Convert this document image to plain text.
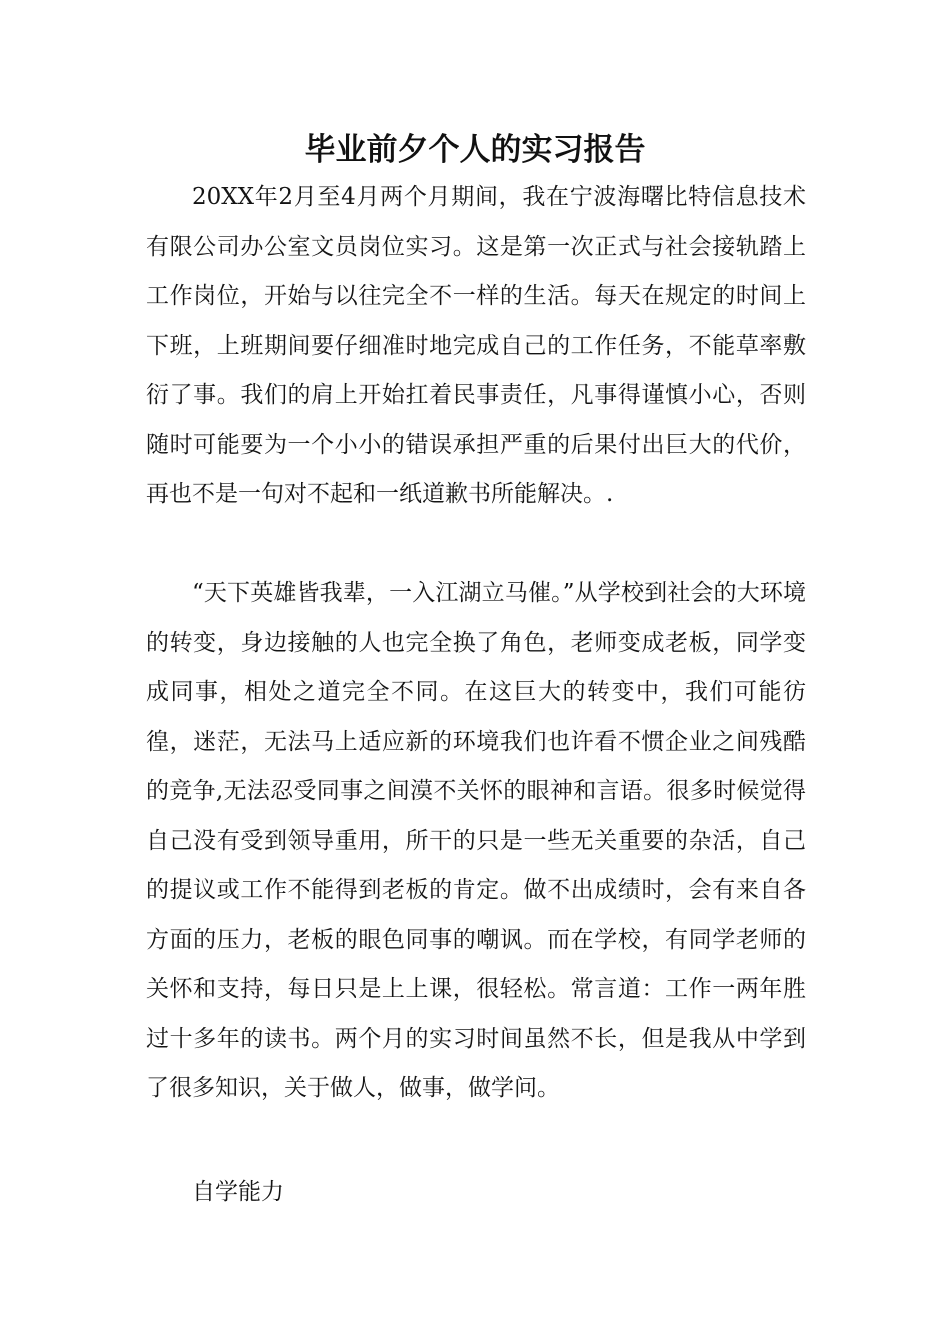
毕业前夕个人的实习报告

20XX年2月至4月两个月期间，我在宁波海曙比特信息技术有限公司办公室文员岗位实习。这是第一次正式与社会接轨踏上工作岗位，开始与以往完全不一样的生活。每天在规定的时间上下班，上班期间要仔细准时地完成自己的工作任务，不能草率敷衍了事。我们的肩上开始扛着民事责任，凡事得谨慎小心，否则随时可能要为一个小小的错误承担严重的后果付出巨大的代价，再也不是一句对不起和一纸道歉书所能解决。.

“天下英雄皆我辈，一入江湖立马催。”从学校到社会的大环境的转变，身边接触的人也完全换了角色，老师变成老板，同学变成同事，相处之道完全不同。在这巨大的转变中，我们可能彷徨，迷茫，无法马上适应新的环境我们也许看不惯企业之间残酷的竞争,无法忍受同事之间漠不关怀的眼神和言语。很多时候觉得自己没有受到领导重用，所干的只是一些无关重要的杂活，自己的提议或工作不能得到老板的肯定。做不出成绩时，会有来自各方面的压力，老板的眼色同事的嘲讽。而在学校，有同学老师的关怀和支持，每日只是上上课，很轻松。常言道：工作一两年胜过十多年的读书。两个月的实习时间虽然不长，但是我从中学到了很多知识，关于做人，做事，做学问。

自学能力
